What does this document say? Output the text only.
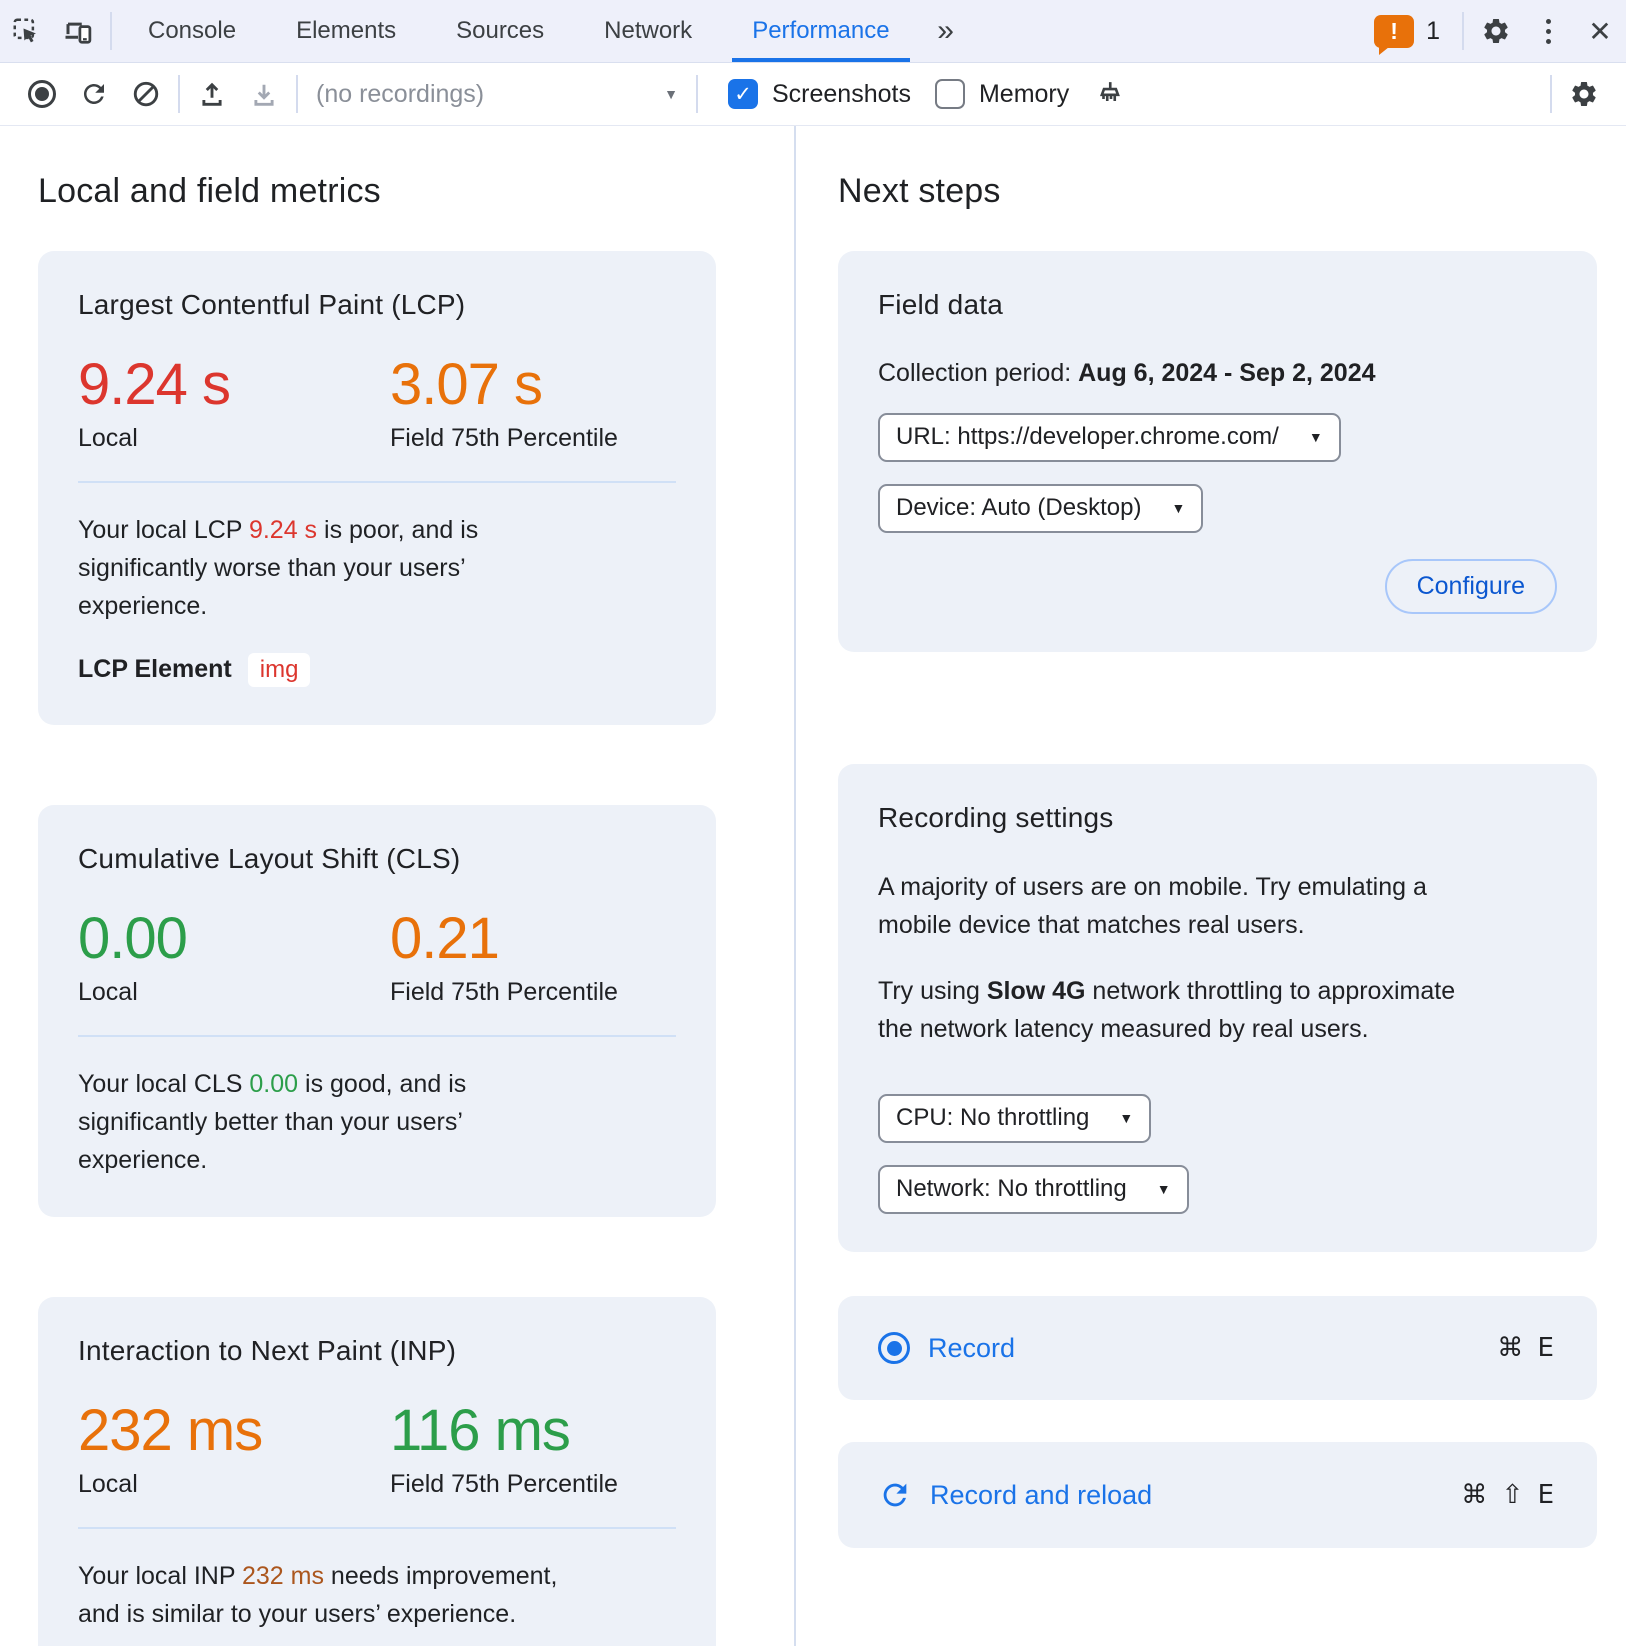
Console	Elements	Sources	Network	Performance	»	! 1	✕
(no recordings)	▼	✓ Screenshots	Memory
Local and field metrics
Largest Contentful Paint (LCP)
9.24 s
Local
3.07 s
Field 75th Percentile

Your local LCP 9.24 s is poor, and is significantly worse than your users’ experience.

LCP Element	img
Cumulative Layout Shift (CLS)
0.00
Local
0.21
Field 75th Percentile

Your local CLS 0.00 is good, and is significantly better than your users’ experience.

Interaction to Next Paint (INP)
232 ms
Local
116 ms
Field 75th Percentile

Your local INP 232 ms needs improvement, and is similar to your users’ experience.

Next steps
Field data

Collection period: Aug 6, 2024 - Sep 2, 2024

URL: https://developer.chrome.com/ ▼
Device: Auto (Desktop) ▼
Configure
Recording settings

A majority of users are on mobile. Try emulating a mobile device that matches real users.

Try using Slow 4G network throttling to approximate the network latency measured by real users.

CPU: No throttling ▼
Network: No throttling ▼
Record	⌘ E
Record and reload	⌘ ⇧ E
